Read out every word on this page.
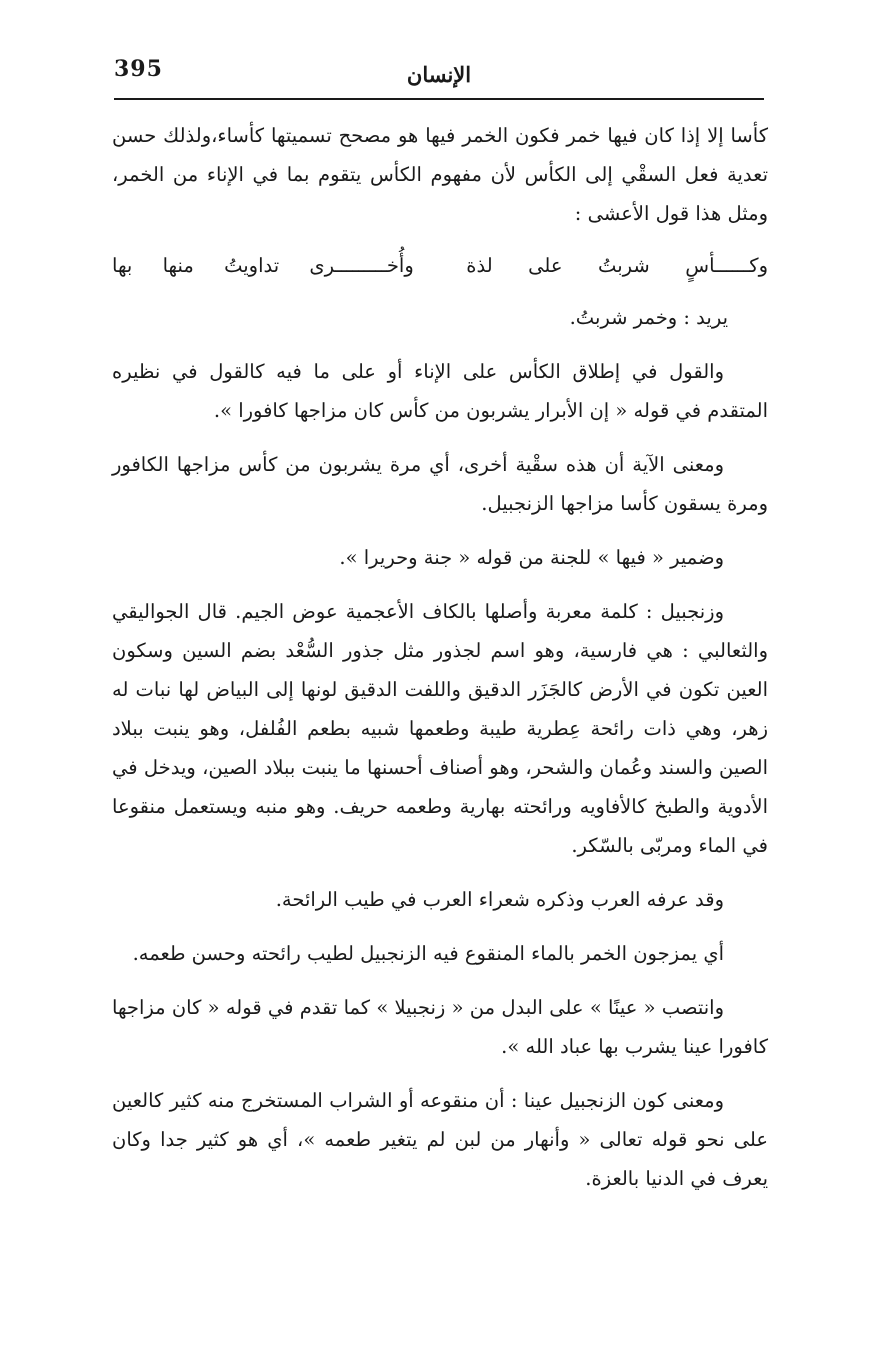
395	الإنسان

كأسا إلا إذا كان فيها خمر فكون الخمر فيها هو مصحح تسميتها كأساء،ولذلك حسن تعدية فعل السقْي إلى الكأس لأن مفهوم الكأس يتقوم بما في الإناء من الخمر، ومثل هذا قول الأعشى :

وكــــــأسٍ شربتُ على لذة
وأُخـــــــــرى تداويتُ منها بها

يريد : وخمر شربتُ.

والقول في إطلاق الكأس على الإناء أو على ما فيه كالقول في نظيره المتقدم في قوله « إن الأبرار يشربون من كأس كان مزاجها كافورا ».

ومعنى الآية أن هذه سقْية أخرى، أي مرة يشربون من كأس مزاجها الكافور ومرة يسقون كأسا مزاجها الزنجبيل.

وضمير « فيها » للجنة من قوله « جنة وحريرا ».

وزنجبيل : كلمة معربة وأصلها بالكاف الأعجمية عوض الجيم. قال الجواليقي والثعالبي : هي فارسية، وهو اسم لجذور مثل جذور السُّعْد بضم السين وسكون العين تكون في الأرض كالجَزَر الدقيق واللفت الدقيق لونها إلى البياض لها نبات له زهر، وهي ذات رائحة عِطرية طيبة وطعمها شبيه بطعم الفُلفل، وهو ينبت ببلاد الصين والسند وعُمان والشحر، وهو أصناف أحسنها ما ينبت ببلاد الصين، ويدخل في الأدوية والطبخ كالأفاويه ورائحته بهارية وطعمه حريف. وهو منبه ويستعمل منقوعا في الماء ومربّى بالسّكر.

وقد عرفه العرب وذكره شعراء العرب في طيب الرائحة.

أي يمزجون الخمر بالماء المنقوع فيه الزنجبيل لطيب رائحته وحسن طعمه.

وانتصب « عينًا » على البدل من « زنجبيلا » كما تقدم في قوله « كان مزاجها كافورا عينا يشرب بها عباد الله ».

ومعنى كون الزنجبيل عينا : أن منقوعه أو الشراب المستخرج منه كثير كالعين على نحو قوله تعالى « وأنهار من لبن لم يتغير طعمه »، أي هو كثير جدا وكان يعرف في الدنيا بالعزة.
